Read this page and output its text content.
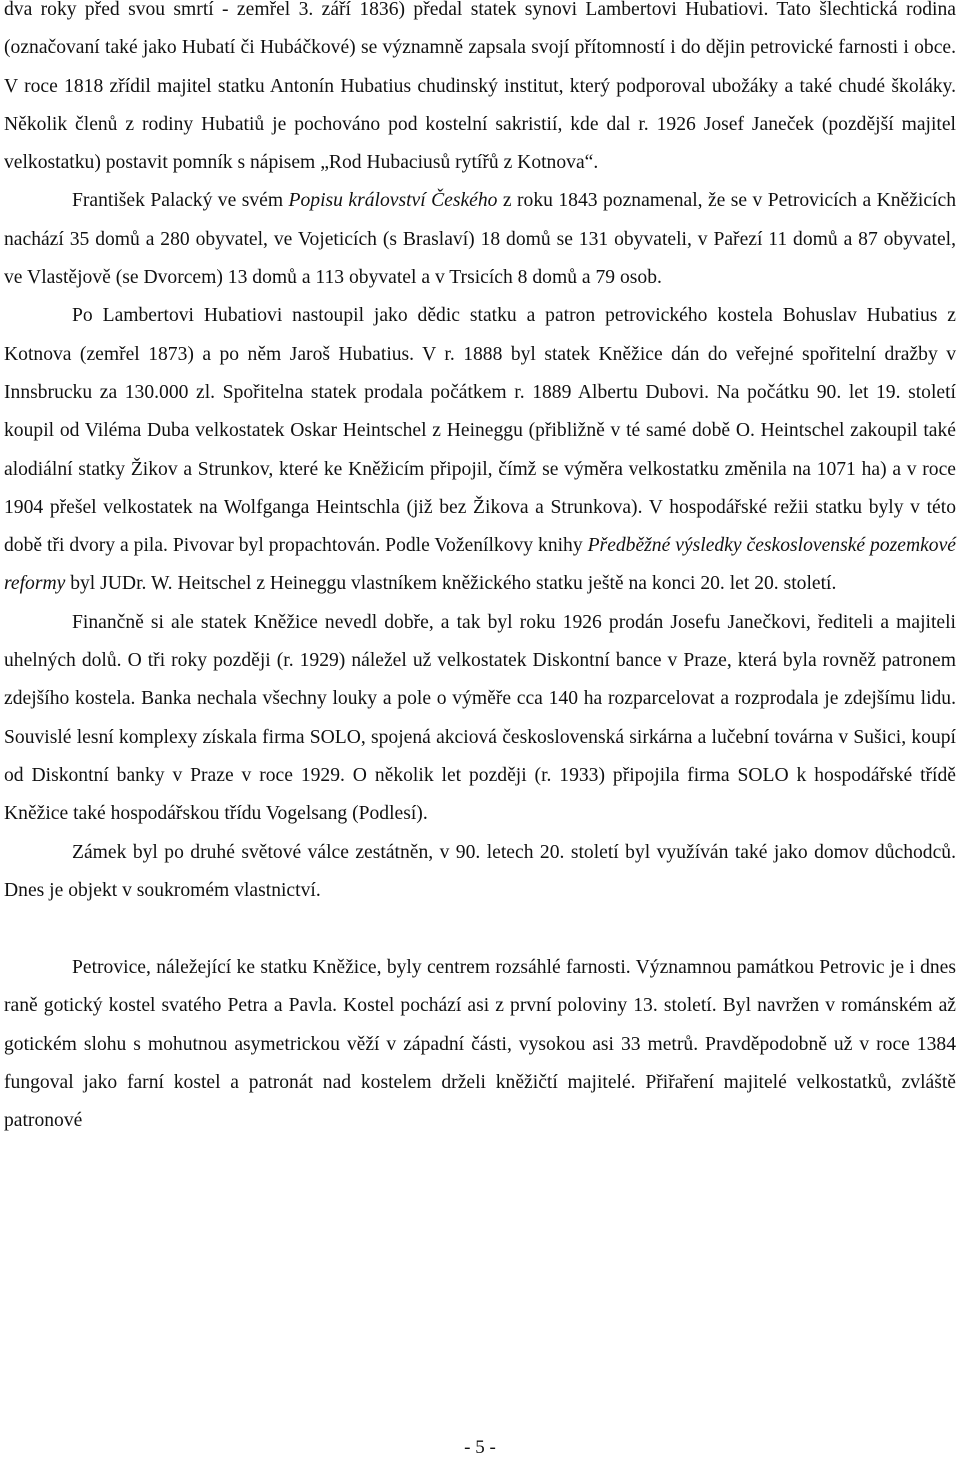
dva roky před svou smrtí - zemřel 3. září 1836) předal statek synovi Lambertovi Hubatiovi. Tato šlechtická rodina (označovaní také jako Hubatí či Hubáčkové) se významně zapsala svojí přítomností i do dějin petrovické farnosti i obce. V roce 1818 zřídil majitel statku Antonín Hubatius chudinský institut, který podporoval ubožáky a také chudé školáky. Několik členů z rodiny Hubatiů je pochováno pod kostelní sakristií, kde dal r. 1926 Josef Janeček (pozdější majitel velkostatku) postavit pomník s nápisem „Rod Hubaciusů rytířů z Kotnova“.

František Palacký ve svém Popisu království Českého z roku 1843 poznamenal, že se v Petrovicích a Kněžicích nachází 35 domů a 280 obyvatel, ve Vojeticích (s Braslaví) 18 domů se 131 obyvateli, v Pařezí 11 domů a 87 obyvatel, ve Vlastějově (se Dvorcem) 13 domů a 113 obyvatel a v Trsicích 8 domů a 79 osob.

Po Lambertovi Hubatiovi nastoupil jako dědic statku a patron petrovického kostela Bohuslav Hubatius z Kotnova (zemřel 1873) a po něm Jaroš Hubatius. V r. 1888 byl statek Kněžice dán do veřejné spořitelní dražby v Innsbrucku za 130.000 zl. Spořitelna statek prodala počátkem r. 1889 Albertu Dubovi. Na počátku 90. let 19. století koupil od Viléma Duba velkostatek Oskar Heintschel z Heineggu (přibližně v té samé době O. Heintschel zakoupil také alodiální statky Žikov a Strunkov, které ke Kněžicím připojil, čímž se výměra velkostatku změnila na 1071 ha) a v roce 1904 přešel velkostatek na Wolfganga Heintschla (již bez Žikova a Strunkova). V hospodářské režii statku byly v této době tři dvory a pila. Pivovar byl propachtován. Podle Voženílkovy knihy Předběžné výsledky československé pozemkové reformy byl JUDr. W. Heitschel z Heineggu vlastníkem kněžického statku ještě na konci 20. let 20. století.

Finančně si ale statek Kněžice nevedl dobře, a tak byl roku 1926 prodán Josefu Janečkovi, řediteli a majiteli uhelných dolů. O tři roky později (r. 1929) náležel už velkostatek Diskontní bance v Praze, která byla rovněž patronem zdejšího kostela. Banka nechala všechny louky a pole o výměře cca 140 ha rozparcelovat a rozprodala je zdejšímu lidu. Souvislé lesní komplexy získala firma SOLO, spojená akciová československá sirkárna a lučební továrna v Sušici, koupí od Diskontní banky v Praze v roce 1929. O několik let později (r. 1933) připojila firma SOLO k hospodářské třídě Kněžice také hospodářskou třídu Vogelsang (Podlesí).

Zámek byl po druhé světové válce zestátněn, v 90. letech 20. století byl využíván také jako domov důchodců. Dnes je objekt v soukromém vlastnictví.

Petrovice, náležející ke statku Kněžice, byly centrem rozsáhlé farnosti. Významnou památkou Petrovic je i dnes raně gotický kostel svatého Petra a Pavla. Kostel pochází asi z první poloviny 13. století. Byl navržen v románském až gotickém slohu s mohutnou asymetrickou věží v západní části, vysokou asi 33 metrů. Pravděpodobně už v roce 1384 fungoval jako farní kostel a patronát nad kostelem drželi kněžičtí majitelé. Přiřaření majitelé velkostatků, zvláště patronové

- 5 -
